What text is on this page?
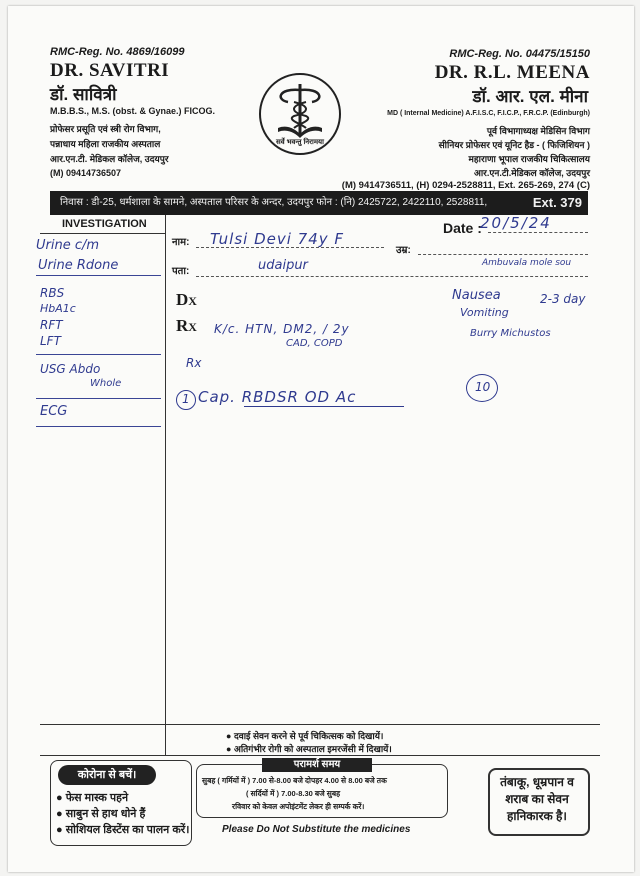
RMC-Reg. No. 4869/16099
DR. SAVITRI
डॉ. सावित्री
M.B.B.S., M.S. (obst. & Gynae.) FICOG.
प्रोफेसर प्रसूति एवं स्त्री रोग विभाग,
पन्नाधाय महिला राजकीय अस्पताल
आर.एन.टी. मेडिकल कॉलेज, उदयपुर
(M) 09414736507
सर्वे भवन्तु निरामया
RMC-Reg. No. 04475/15150
DR. R.L. MEENA
डॉ. आर. एल. मीना
MD ( Internal Medicine) A.F.I.S.C, F.I.C.P., F.R.C.P. (Edinburgh)
पूर्व विभागाध्यक्ष मेडिसिन विभाग
सीनियर प्रोफेसर एवं यूनिट हैड - ( फिजिशियन )
महाराणा भूपाल राजकीय चिकित्सालय
आर.एन.टी.मेडिकल कॉलेज, उदयपुर
(M) 9414736511, (H) 0294-2528811, Ext. 265-269, 274 (C)
निवास : डी-25, धर्मशाला के सामने, अस्पताल परिसर के अन्दर, उदयपुर फोन : (नि) 2425722, 2422110, 2528811,	Ext. 379
INVESTIGATION
नाम:
उम्र:
Date :
पता:
DX
RX
20/5/24
Tulsi Devi 74y F
udaipur	Ambuvala mole sou
Urine c/m
Urine Rdone
RBS
HbA1c
RFT
LFT
USG Abdo
Whole
ECG
Nausea
Vomiting
Burry Michustos
2-3 day
K/c. HTN, DM2, / 2y
CAD, COPD
Rx
1 Cap. RBDSR OD Ac
10
● दवाई सेवन करने से पूर्व चिकित्सक को दिखायें।
● अतिगंभीर रोगी को अस्पताल इमरजेंसी में दिखायें।
कोरोना से बचें।
● फेस मास्क पहने
● साबुन से हाथ धोने हैं
● सोशियल डिस्टेंस का पालन करें।
परामर्श समय
सुबह ( गर्मियों में ) 7.00 से-8.00 बजे दोपहर 4.00 से 8.00 बजे तक
( सर्दियों में ) 7.00-8.30 बजे सुबह
रविवार को केवल अपोइंटमेंट लेकर ही सम्पर्क करें।
Please Do Not Substitute the medicines
तंबाकू, धूम्रपान व शराब का सेवन हानिकारक है।
